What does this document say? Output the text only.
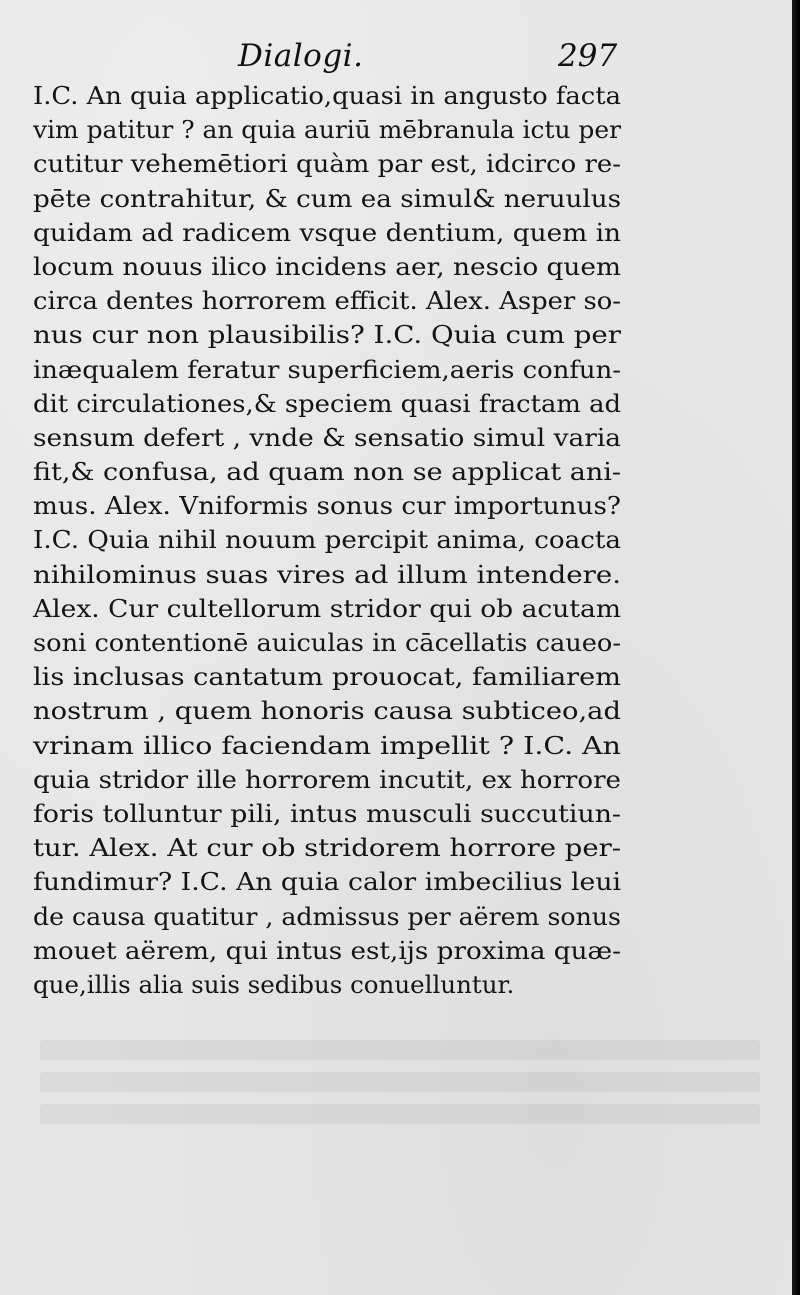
Dialogi.	297
I.C. An quia applicatio,quasi in angusto facta
vim patitur ? an quia auriū mēbranula ictu per
cutitur vehemētiori quàm par est, idcirco re-
pēte contrahitur, & cum ea simul& neruulus
quidam ad radicem vsque dentium, quem in
locum nouus ilico incidens aer, nescio quem
circa dentes horrorem efficit. Alex. Asper so-
nus cur non plausibilis? I.C. Quia cum per
inæqualem feratur superficiem,aeris confun-
dit circulationes,& speciem quasi fractam ad
sensum defert , vnde & sensatio simul varia
fit,& confusa, ad quam non se applicat ani-
mus. Alex. Vniformis sonus cur importunus?
I.C. Quia nihil nouum percipit anima, coacta
nihilominus suas vires ad illum intendere.
Alex. Cur cultellorum stridor qui ob acutam
soni contentionē auiculas in cācellatis caueo-
lis inclusas cantatum prouocat, familiarem
nostrum , quem honoris causa subticeo,ad
vrinam illico faciendam impellit ? I.C. An
quia stridor ille horrorem incutit, ex horrore
foris tolluntur pili, intus musculi succutiun-
tur. Alex. At cur ob stridorem horrore per-
fundimur? I.C. An quia calor imbecilius leui
de causa quatitur , admissus per aërem sonus
mouet aërem, qui intus est,ijs proxima quæ-
que,illis alia suis sedibus conuelluntur.
